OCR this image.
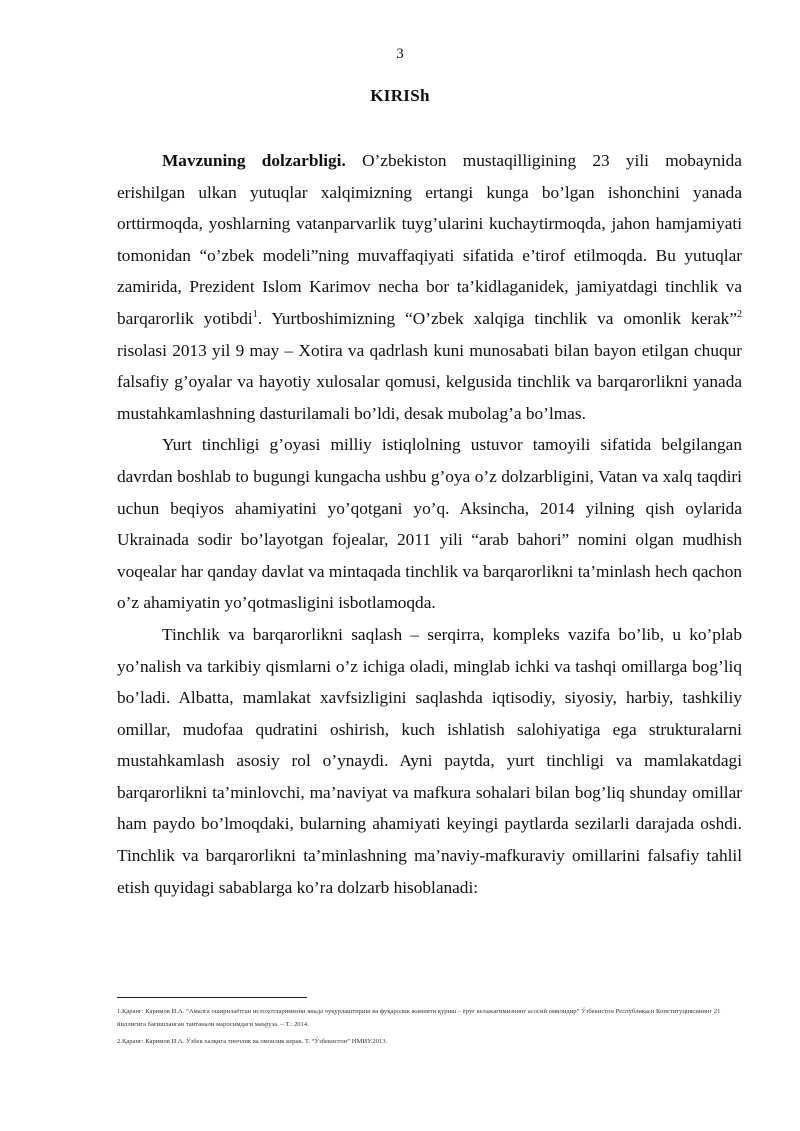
3
KIRISh

Mavzuning dolzarbligi. O’zbekiston mustaqilligining 23 yili mobaynida erishilgan ulkan yutuqlar xalqimizning ertangi kunga bo’lgan ishonchini yanada orttirmoqda, yoshlarning vatanparvarlik tuyg’ularini kuchaytirmoqda, jahon hamjamiyati tomonidan “o’zbek modeli”ning muvaffaqiyati sifatida e’tirof etilmoqda. Bu yutuqlar zamirida, Prezident Islom Karimov necha bor ta’kidlaganidek, jamiyatdagi tinchlik va barqarorlik yotibdi$^1$. Yurtboshimizning “O’zbek xalqiga tinchlik va omonlik kerak”$^2$ risolasi 2013 yil 9 may – Xotira va qadrlash kuni munosabati bilan bayon etilgan chuqur falsafiy g’oyalar va hayotiy xulosalar qomusi, kelgusida tinchlik va barqarorlikni yanada mustahkamlashning dasturilamali bo’ldi, desak mubolag’a bo’lmas.

Yurt tinchligi g’oyasi milliy istiqlolning ustuvor tamoyili sifatida belgilangan davrdan boshlab to bugungi kungacha ushbu g’oya o’z dolzarbligini, Vatan va xalq taqdiri uchun beqiyos ahamiyatini yo’qotgani yo’q. Aksincha, 2014 yilning qish oylarida Ukrainada sodir bo’layotgan fojealar, 2011 yili “arab bahori” nomini olgan mudhish voqealar har qanday davlat va mintaqada tinchlik va barqarorlikni ta’minlash hech qachon o’z ahamiyatin yo’qotmasligini isbotlamoqda.

Tinchlik va barqarorlikni saqlash – serqirra, kompleks vazifa bo’lib, u ko’plab yo’nalish va tarkibiy qismlarni o’z ichiga oladi, minglab ichki va tashqi omillarga bog’liq bo’ladi. Albatta, mamlakat xavfsizligini saqlashda iqtisodiy, siyosiy, harbiy, tashkiliy omillar, mudofaa qudratini oshirish, kuch ishlatish salohiyatiga ega strukturalarni mustahkamlash asosiy rol o’ynaydi. Ayni paytda, yurt tinchligi va mamlakatdagi barqarorlikni ta’minlovchi, ma’naviyat va mafkura sohalari bilan bog’liq shunday omillar ham paydo bo’lmoqdaki, bularning ahamiyati keyingi paytlarda sezilarli darajada oshdi. Tinchlik va barqarorlikni ta’minlashning ma’naviy-mafkuraviy omillarini falsafiy tahlil etish quyidagi sabablarga ko’ra dolzarb hisoblanadi:

1.Қаранг: Каримов И.А. “Амалга оширилаётган ислоҳотларимизни янада чуқурлаштириш ва фуқаролик жамияти қуриш – ёруғ келажагимизнинг асосий омилидир” Ўзбекистон Республикаси Конституциясининг 21 йиллигига бағишланган тантанали маросимдаги маъруза. – Т.: 2014.

2.Қаранг: Каримов И.А. Ўзбек халқига тинчлик ва омонлик керак. Т. “Ўзбекистон” НМИУ.2013.
